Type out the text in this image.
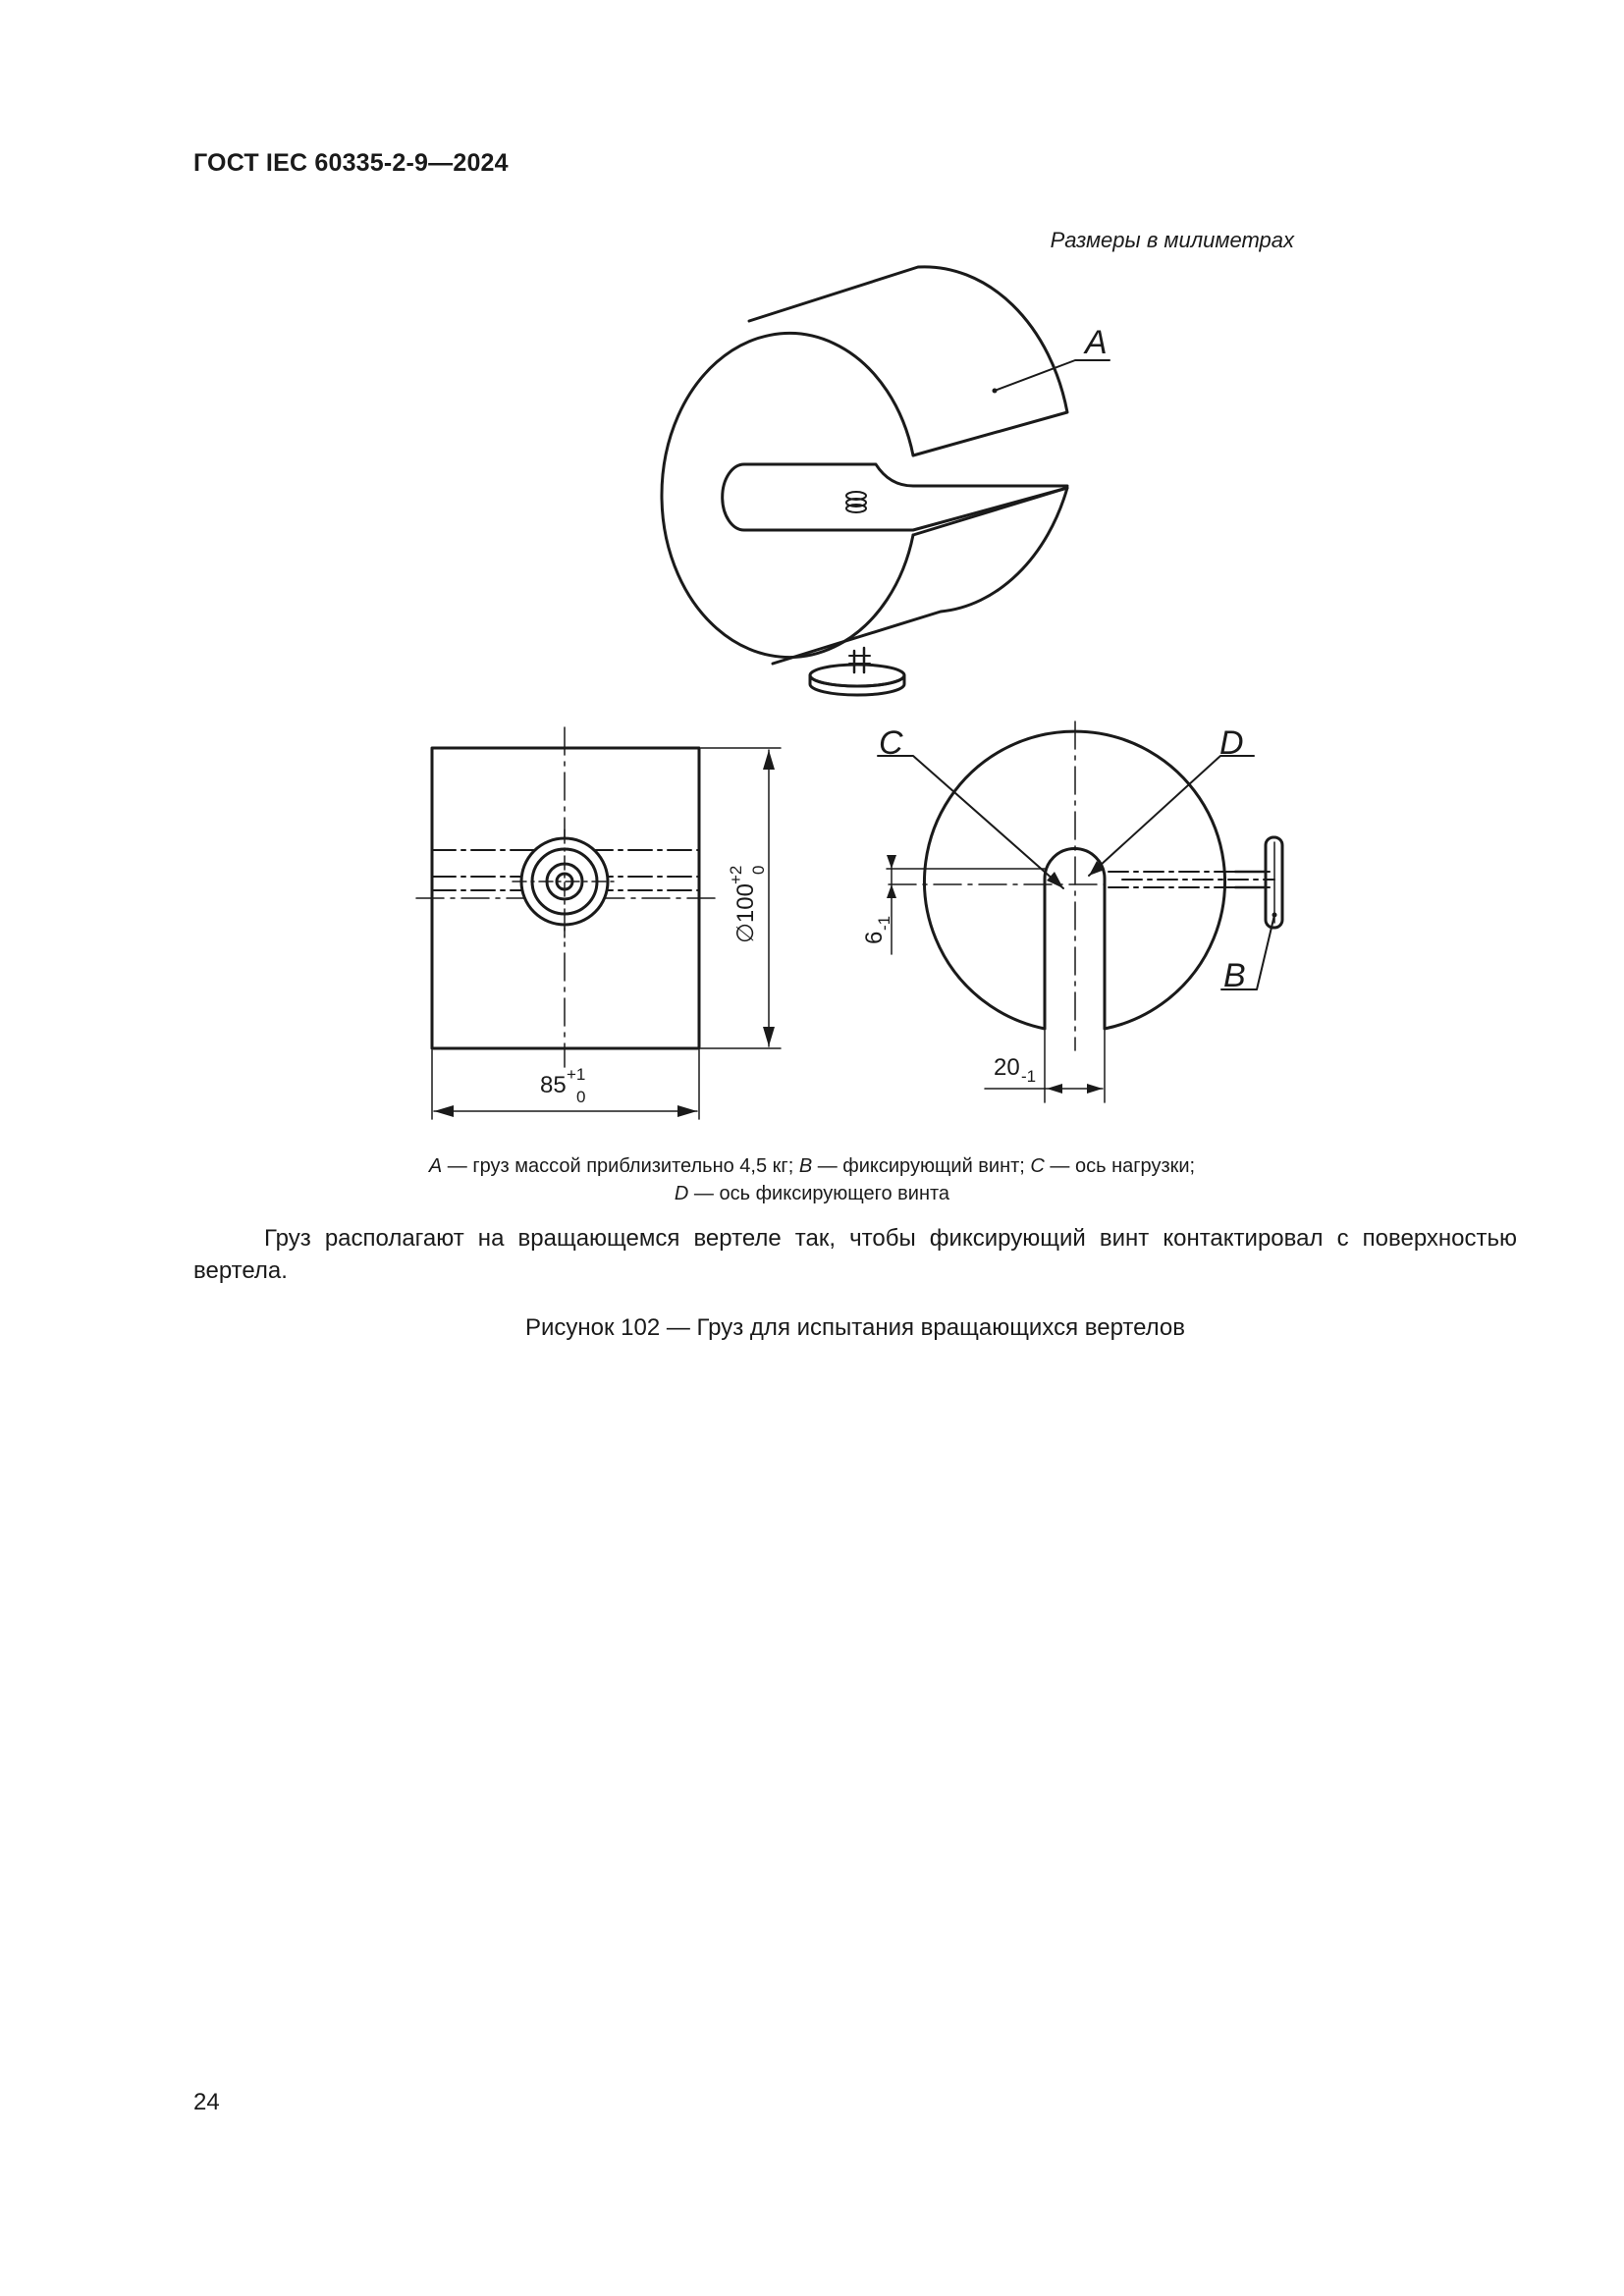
ГОСТ IEC 60335-2-9—2024
Размеры в милиметрах
A
C	D
B
85 +1
0
∅100
+2 0
20 -1
6
-1
A — груз массой приблизительно 4,5 кг; B — фиксирующий винт; C — ось нагрузки;
D — ось фиксирующего винта
Груз располагают на вращающемся вертеле так, чтобы фиксирующий винт контактировал с поверхностью вертела.
Рисунок 102 — Груз для испытания вращающихся вертелов
24
